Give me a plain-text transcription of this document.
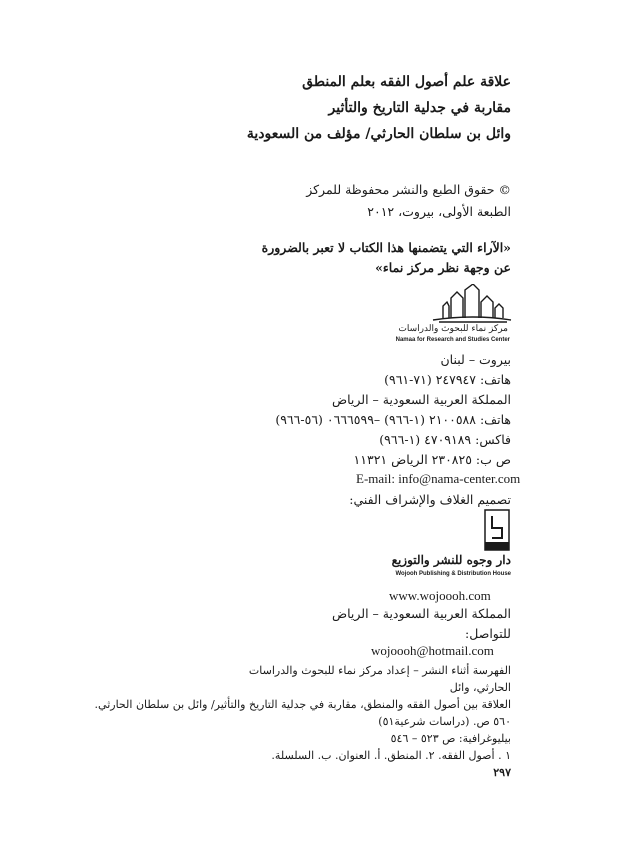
علاقة علم أصول الفقه بعلم المنطق
مقاربة في جدلية التاريخ والتأثير
وائل بن سلطان الحارثي/ مؤلف من السعودية
© حقوق الطبع والنشر محفوظة للمركز
الطبعة الأولى، بيروت، ٢٠١٢
«الآراء التي يتضمنها هذا الكتاب لا تعبر بالضرورة
عن وجهة نظر مركز نماء»
مركز نماء للبحوث والدراسات
Namaa for Research and Studies Center
بيروت – لبنان
هاتف: ٢٤٧٩٤٧ (٧١-٩٦١)
المملكة العربية السعودية – الرياض
هاتف: ٢١٠٠٥٨٨ (١-٩٦٦) –٠٦٦٦٥٩٩ (٥٦-٩٦٦)
فاكس: ٤٧٠٩١٨٩ (١-٩٦٦)
ص ب: ٢٣٠٨٢٥ الرياض ١١٣٢١
E-mail: info@nama-center.com
تصميم الغلاف والإشراف الفني:
دار وجوه للنشر والتوزيع
Wojooh Publishing & Distribution House
www.wojoooh.com
المملكة العربية السعودية – الرياض
للتواصل:
wojoooh@hotmail.com
الفهرسة أثناء النشر – إعداد مركز نماء للبحوث والدراسات
الحارثي، وائل
العلاقة بين أصول الفقه والمنطق، مقاربة في جدلية التاريخ والتأثير/ وائل بن سلطان الحارثي.
٥٦٠ ص. (دراسات شرعية٥١)
بيليوغرافية: ص ٥٢٣ – ٥٤٦
١ . أصول الفقه. ٢. المنطق. أ. العنوان. ب. السلسلة.
٢٩٧
